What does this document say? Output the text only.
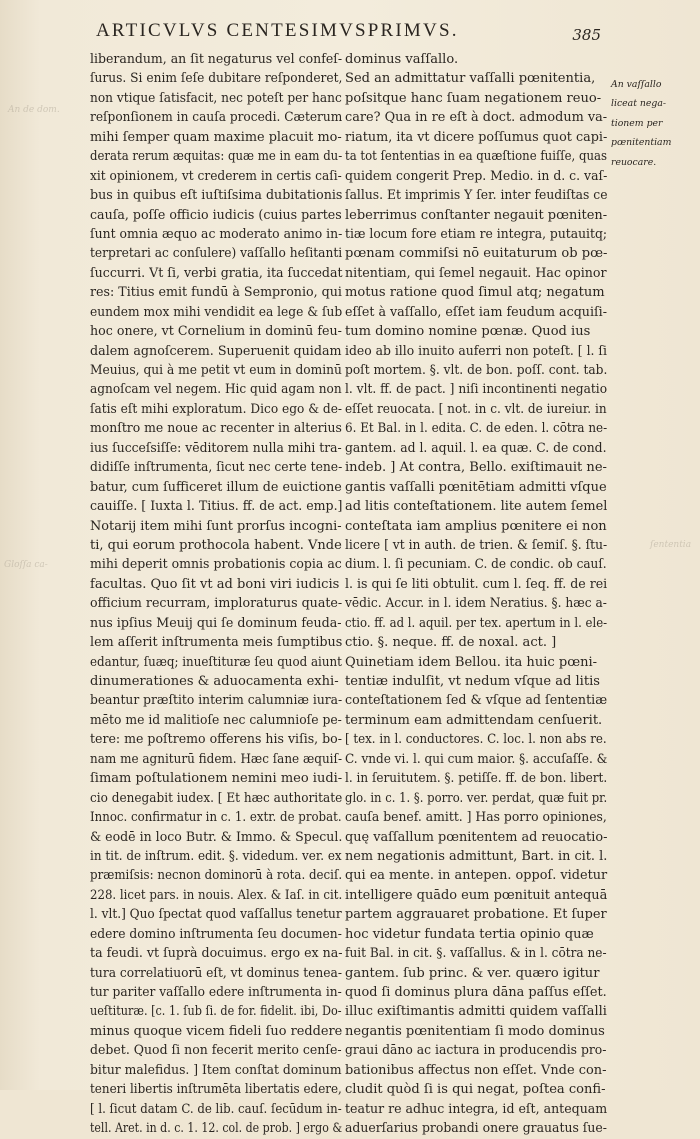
An de dom.
Gloſſa ca-
ſententia
ARTICVLVS CENTESIMVSPRIMVS.	385
liberandum, an ſit negaturus vel confeſ-
ſurus. Si enim ſeſe dubitare reſponderet,
non vtique ſatisfacit, nec poteſt per hanc
reſponſionem in cauſa procedi. Cæterum
mihi ſemper quam maxime placuit mo-
derata rerum æquitas: quæ me in eam du-
xit opinionem, vt crederem in certis caſi-
bus in quibus eſt iuſtiſsima dubitationis
cauſa, poſſe officio iudicis (cuius partes
ſunt omnia æquo ac moderato animo in-
terpretari ac conſulere) vaſſallo heſitanti
ſuccurri. Vt ſi, verbi gratia, ita ſuccedat
res: Titius emit fundū à Sempronio, qui
eundem mox mihi vendidit ea lege & ſub
hoc onere, vt Cornelium in dominū feu-
dalem agnoſcerem. Superuenit quidam
Meuius, qui à me petit vt eum in dominū
agnoſcam vel negem. Hic quid agam non
ſatis eſt mihi exploratum. Dico ego & de-
monſtro me noue ac recenter in alterius
ius ſucceſsiſſe: vēditorem nulla mihi tra-
didiſſe inſtrumenta, ſicut nec certe tene-
batur, cum ſufficeret illum de euictione
cauiſſe. [ Iuxta l. Titius. ff. de act. emp.]
Notarij item mihi ſunt prorſus incogni-
ti, qui eorum prothocola habent. Vnde
mihi deperit omnis probationis copia ac
facultas. Quo ſit vt ad boni viri iudicis
officium recurram, imploraturus quate-
nus ipſius Meuij qui ſe dominum feuda-
lem aſſerit inſtrumenta meis ſumptibus
edantur, ſuæq; inueſtituræ ſeu quod aiunt
dinumerationes & aduocamenta exhi-
beantur præſtito interim calumniæ iura-
mēto me id malitioſe nec calumnioſe pe-
tere: me poſtremo offerens his viſis, bo-
nam me agniturū fidem. Hæc ſane æquiſ-
ſimam poſtulationem nemini meo iudi-
cio denegabit iudex. [ Et hæc authoritate
Innoc. confirmatur in c. 1. extr. de probat.
& eodē in loco Butr. & Immo. & Specul.
in tit. de inſtrum. edit. §. videdum. ver. ex
præmiſsis: necnon dominorū à rota. deciſ.
228. licet pars. in nouis. Alex. & Iaſ. in cit.
l. vlt.] Quo ſpectat quod vaſſallus tenetur
edere domino inſtrumenta ſeu documen-
ta feudi. vt ſuprà docuimus. ergo ex na-
tura correlatiuorū eſt, vt dominus tenea-
tur pariter vaſſallo edere inſtrumenta in-
ueſtituræ. [c. 1. ſub ſi. de for. fidelit. ibi, Do-
minus quoque vicem fideli ſuo reddere
debet. Quod ſi non fecerit merito cenſe-
bitur malefidus. ] Item conſtat dominum
teneri libertis inſtrumēta libertatis edere,
[ l. ſicut datam C. de lib. cauſ. ſecūdum in-
tell. Aret. in d. c. 1. 12. col. de prob. ] ergo &
dominus vaſſallo.
Sed an admittatur vaſſalli pœnitentia,
poſsitque hanc ſuam negationem reuo-
care? Qua in re eſt à doct. admodum va-
riatum, ita vt dicere poſſumus quot capi-
ta tot ſententias in ea quæſtione fuiſſe, quas
quidem congerit Prep. Medio. in d. c. vaſ-
ſallus. Et imprimis Y ſer. inter feudiſtas ce
leberrimus conſtanter negauit pœniten-
tiæ locum fore etiam re integra, putauitq;
pœnam commiſsi nō euitaturum ob pœ-
nitentiam, qui ſemel negauit. Hac opinor
motus ratione quod ſimul atq; negatum
eſſet à vaſſallo, eſſet iam feudum acquiſi-
tum domino nomine pœnæ. Quod ius
ideo ab illo inuito auferri non poteſt. [ l. ſi
poſt mortem. §. vlt. de bon. poſſ. cont. tab.
l. vlt. ff. de pact. ] niſi incontinenti negatio
eſſet reuocata. [ not. in c. vlt. de iureiur. in
6. Et Bal. in l. edita. C. de eden. l. cōtra ne-
gantem. ad l. aquil. l. ea quæ. C. de cond.
indeb. ] At contra, Bello. exiſtimauit ne-
gantis vaſſalli pœnitētiam admitti vſque
ad litis conteſtationem. lite autem ſemel
conteſtata iam amplius pœnitere ei non
licere [ vt in auth. de trien. & ſemiſ. §. ſtu-
dium. l. ſi pecuniam. C. de condic. ob cauſ.
l. is qui ſe liti obtulit. cum l. ſeq. ff. de rei
vēdic. Accur. in l. idem Neratius. §. hæc a-
ctio. ff. ad l. aquil. per tex. apertum in l. ele-
ctio. §. neque. ff. de noxal. act. ]
Quinetiam idem Bellou. ita huic pœni-
tentiæ indulſit, vt nedum vſque ad litis
conteſtationem ſed & vſque ad ſententiæ
terminum eam admittendam cenſuerit.
[ tex. in l. conductores. C. loc. l. non abs re.
C. vnde vi. l. qui cum maior. §. accuſaſſe. &
l. in ſeruitutem. §. petiſſe. ff. de bon. libert.
glo. in c. 1. §. porro. ver. perdat, quæ fuit pr.
cauſa benef. amitt. ] Has porro opiniones,
quę vaſſallum pœnitentem ad reuocatio-
nem negationis admittunt, Bart. in cit. l.
qui ea mente. in antepen. oppoſ. videtur
intelligere quādo eum pœnituit antequā
partem aggrauaret probatione. Et ſuper
hoc videtur fundata tertia opinio quæ
fuit Bal. in cit. §. vaſſallus. & in l. cōtra ne-
gantem. ſub princ. & ver. quæro igitur
quod ſi dominus plura dāna paſſus eſſet.
illuc exiſtimantis admitti quidem vaſſalli
negantis pœnitentiam ſi modo dominus
graui dāno ac iactura in producendis pro-
bationibus affectus non eſſet. Vnde con-
cludit quòd ſi is qui negat, poſtea confi-
teatur re adhuc integra, id eſt, antequam
aduerſarius probandi onere grauatus ſue-
An vaſſallo
liceat nega-
tionem per
pœnitentiam
reuocare.
